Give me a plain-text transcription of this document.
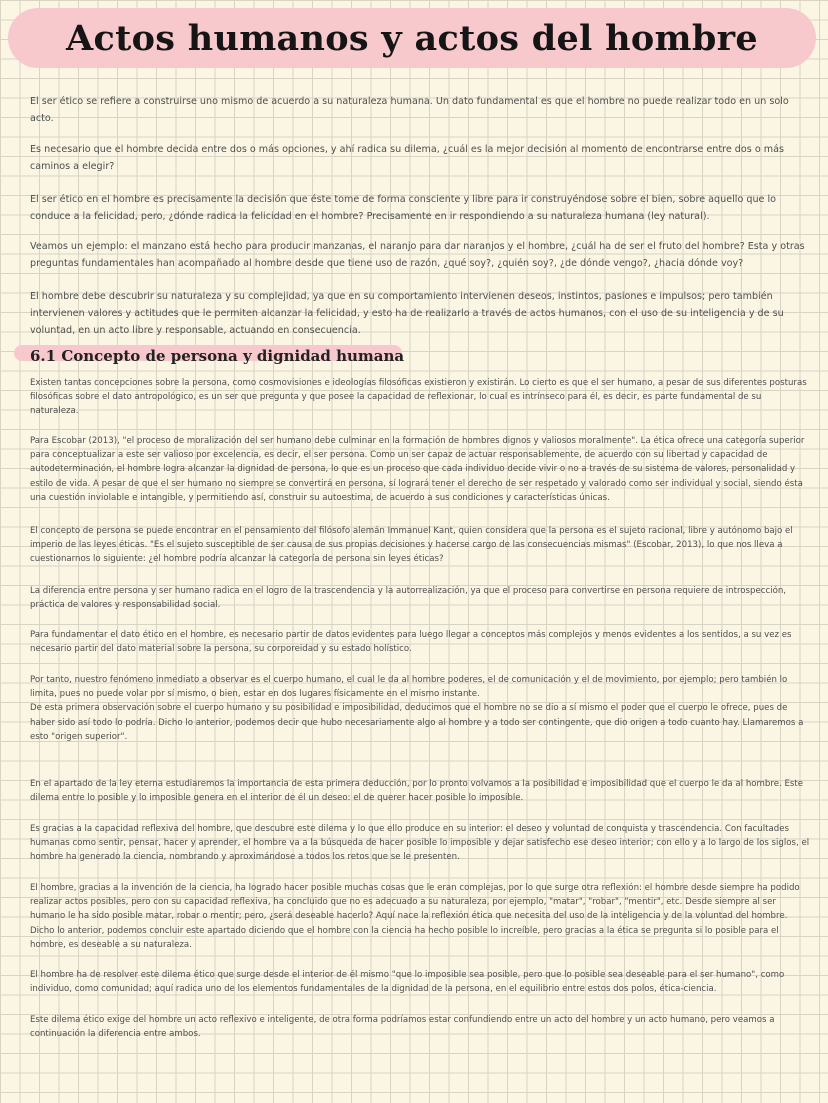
Actos humanos y actos del hombre

El ser ético se refiere a construirse uno mismo de acuerdo a su naturaleza humana. Un dato fundamental es que el hombre no puede realizar todo en un solo acto.

Es necesario que el hombre decida entre dos o más opciones, y ahí radica su dilema, ¿cuál es la mejor decisión al momento de encontrarse entre dos o más caminos a elegir?

El ser ético en el hombre es precisamente la decisión que éste tome de forma consciente y libre para ir construyéndose sobre el bien, sobre aquello que lo conduce a la felicidad, pero, ¿dónde radica la felicidad en el hombre? Precisamente en ir respondiendo a su naturaleza humana (ley natural).

Veamos un ejemplo: el manzano está hecho para producir manzanas, el naranjo para dar naranjos y el hombre, ¿cuál ha de ser el fruto del hombre? Esta y otras preguntas fundamentales han acompañado al hombre desde que tiene uso de razón, ¿qué soy?, ¿quién soy?, ¿de dónde vengo?, ¿hacia dónde voy?

El hombre debe descubrir su naturaleza y su complejidad, ya que en su comportamiento intervienen deseos, instintos, pasiones e impulsos; pero también intervienen valores y actitudes que le permiten alcanzar la felicidad, y esto ha de realizarlo a través de actos humanos, con el uso de su inteligencia y de su voluntad, en un acto libre y responsable, actuando en consecuencia.

6.1 Concepto de persona y dignidad humana

Existen tantas concepciones sobre la persona, como cosmovisiones e ideologías filosóficas existieron y existirán. Lo cierto es que el ser humano, a pesar de sus diferentes posturas filosóficas sobre el dato antropológico, es un ser que pregunta y que posee la capacidad de reflexionar, lo cual es intrínseco para él, es decir, es parte fundamental de su naturaleza.

Para Escobar (2013), "el proceso de moralización del ser humano debe culminar en la formación de hombres dignos y valiosos moralmente". La ética ofrece una categoría superior para conceptualizar a este ser valioso por excelencia, es decir, el ser persona. Como un ser capaz de actuar responsablemente, de acuerdo con su libertad y capacidad de autodeterminación, el hombre logra alcanzar la dignidad de persona, lo que es un proceso que cada individuo decide vivir o no a través de su sistema de valores, personalidad y estilo de vida. A pesar de que el ser humano no siempre se convertirá en persona, sí logrará tener el derecho de ser respetado y valorado como ser individual y social, siendo ésta una cuestión inviolable e intangible, y permitiendo así, construir su autoestima, de acuerdo a sus condiciones y características únicas.

El concepto de persona se puede encontrar en el pensamiento del filósofo alemán Immanuel Kant, quien considera que la persona es el sujeto racional, libre y autónomo bajo el imperio de las leyes éticas. "Es el sujeto susceptible de ser causa de sus propias decisiones y hacerse cargo de las consecuencias mismas" (Escobar, 2013), lo que nos lleva a cuestionarnos lo siguiente: ¿el hombre podría alcanzar la categoría de persona sin leyes éticas?

La diferencia entre persona y ser humano radica en el logro de la trascendencia y la autorrealización, ya que el proceso para convertirse en persona requiere de introspección, práctica de valores y responsabilidad social.

Para fundamentar el dato ético en el hombre, es necesario partir de datos evidentes para luego llegar a conceptos más complejos y menos evidentes a los sentidos, a su vez es necesario partir del dato material sobre la persona, su corporeidad y su estado holístico.

Por tanto, nuestro fenómeno inmediato a observar es el cuerpo humano, el cual le da al hombre poderes, el de comunicación y el de movimiento, por ejemplo; pero también lo limita, pues no puede volar por sí mismo, o bien, estar en dos lugares físicamente en el mismo instante.
De esta primera observación sobre el cuerpo humano y su posibilidad e imposibilidad, deducimos que el hombre no se dio a sí mismo el poder que el cuerpo le ofrece, pues de haber sido así todo lo podría. Dicho lo anterior, podemos decir que hubo necesariamente algo al hombre y a todo ser contingente, que dio origen a todo cuanto hay. Llamaremos a esto "origen superior".

En el apartado de la ley eterna estudiaremos la importancia de esta primera deducción, por lo pronto volvamos a la posibilidad e imposibilidad que el cuerpo le da al hombre. Este dilema entre lo posible y lo imposible genera en el interior de él un deseo: el de querer hacer posible lo imposible.

Es gracias a la capacidad reflexiva del hombre, que descubre este dilema y lo que ello produce en su interior: el deseo y voluntad de conquista y trascendencia. Con facultades humanas como sentir, pensar, hacer y aprender, el hombre va a la búsqueda de hacer posible lo imposible y dejar satisfecho ese deseo interior; con ello y a lo largo de los siglos, el hombre ha generado la ciencia, nombrando y aproximándose a todos los retos que se le presenten.

El hombre, gracias a la invención de la ciencia, ha logrado hacer posible muchas cosas que le eran complejas, por lo que surge otra reflexión: el hombre desde siempre ha podido realizar actos posibles, pero con su capacidad reflexiva, ha concluido que no es adecuado a su naturaleza, por ejemplo, "matar", "robar", "mentir", etc. Desde siempre al ser humano le ha sido posible matar, robar o mentir; pero, ¿será deseable hacerlo? Aquí nace la reflexión ética que necesita del uso de la inteligencia y de la voluntad del hombre. Dicho lo anterior, podemos concluir este apartado diciendo que el hombre con la ciencia ha hecho posible lo increíble, pero gracias a la ética se pregunta si lo posible para el hombre, es deseable a su naturaleza.

El hombre ha de resolver este dilema ético que surge desde el interior de él mismo "que lo imposible sea posible, pero que lo posible sea deseable para el ser humano", como individuo, como comunidad; aquí radica uno de los elementos fundamentales de la dignidad de la persona, en el equilibrio entre estos dos polos, ética-ciencia.

Este dilema ético exige del hombre un acto reflexivo e inteligente, de otra forma podríamos estar confundiendo entre un acto del hombre y un acto humano, pero veamos a continuación la diferencia entre ambos.
